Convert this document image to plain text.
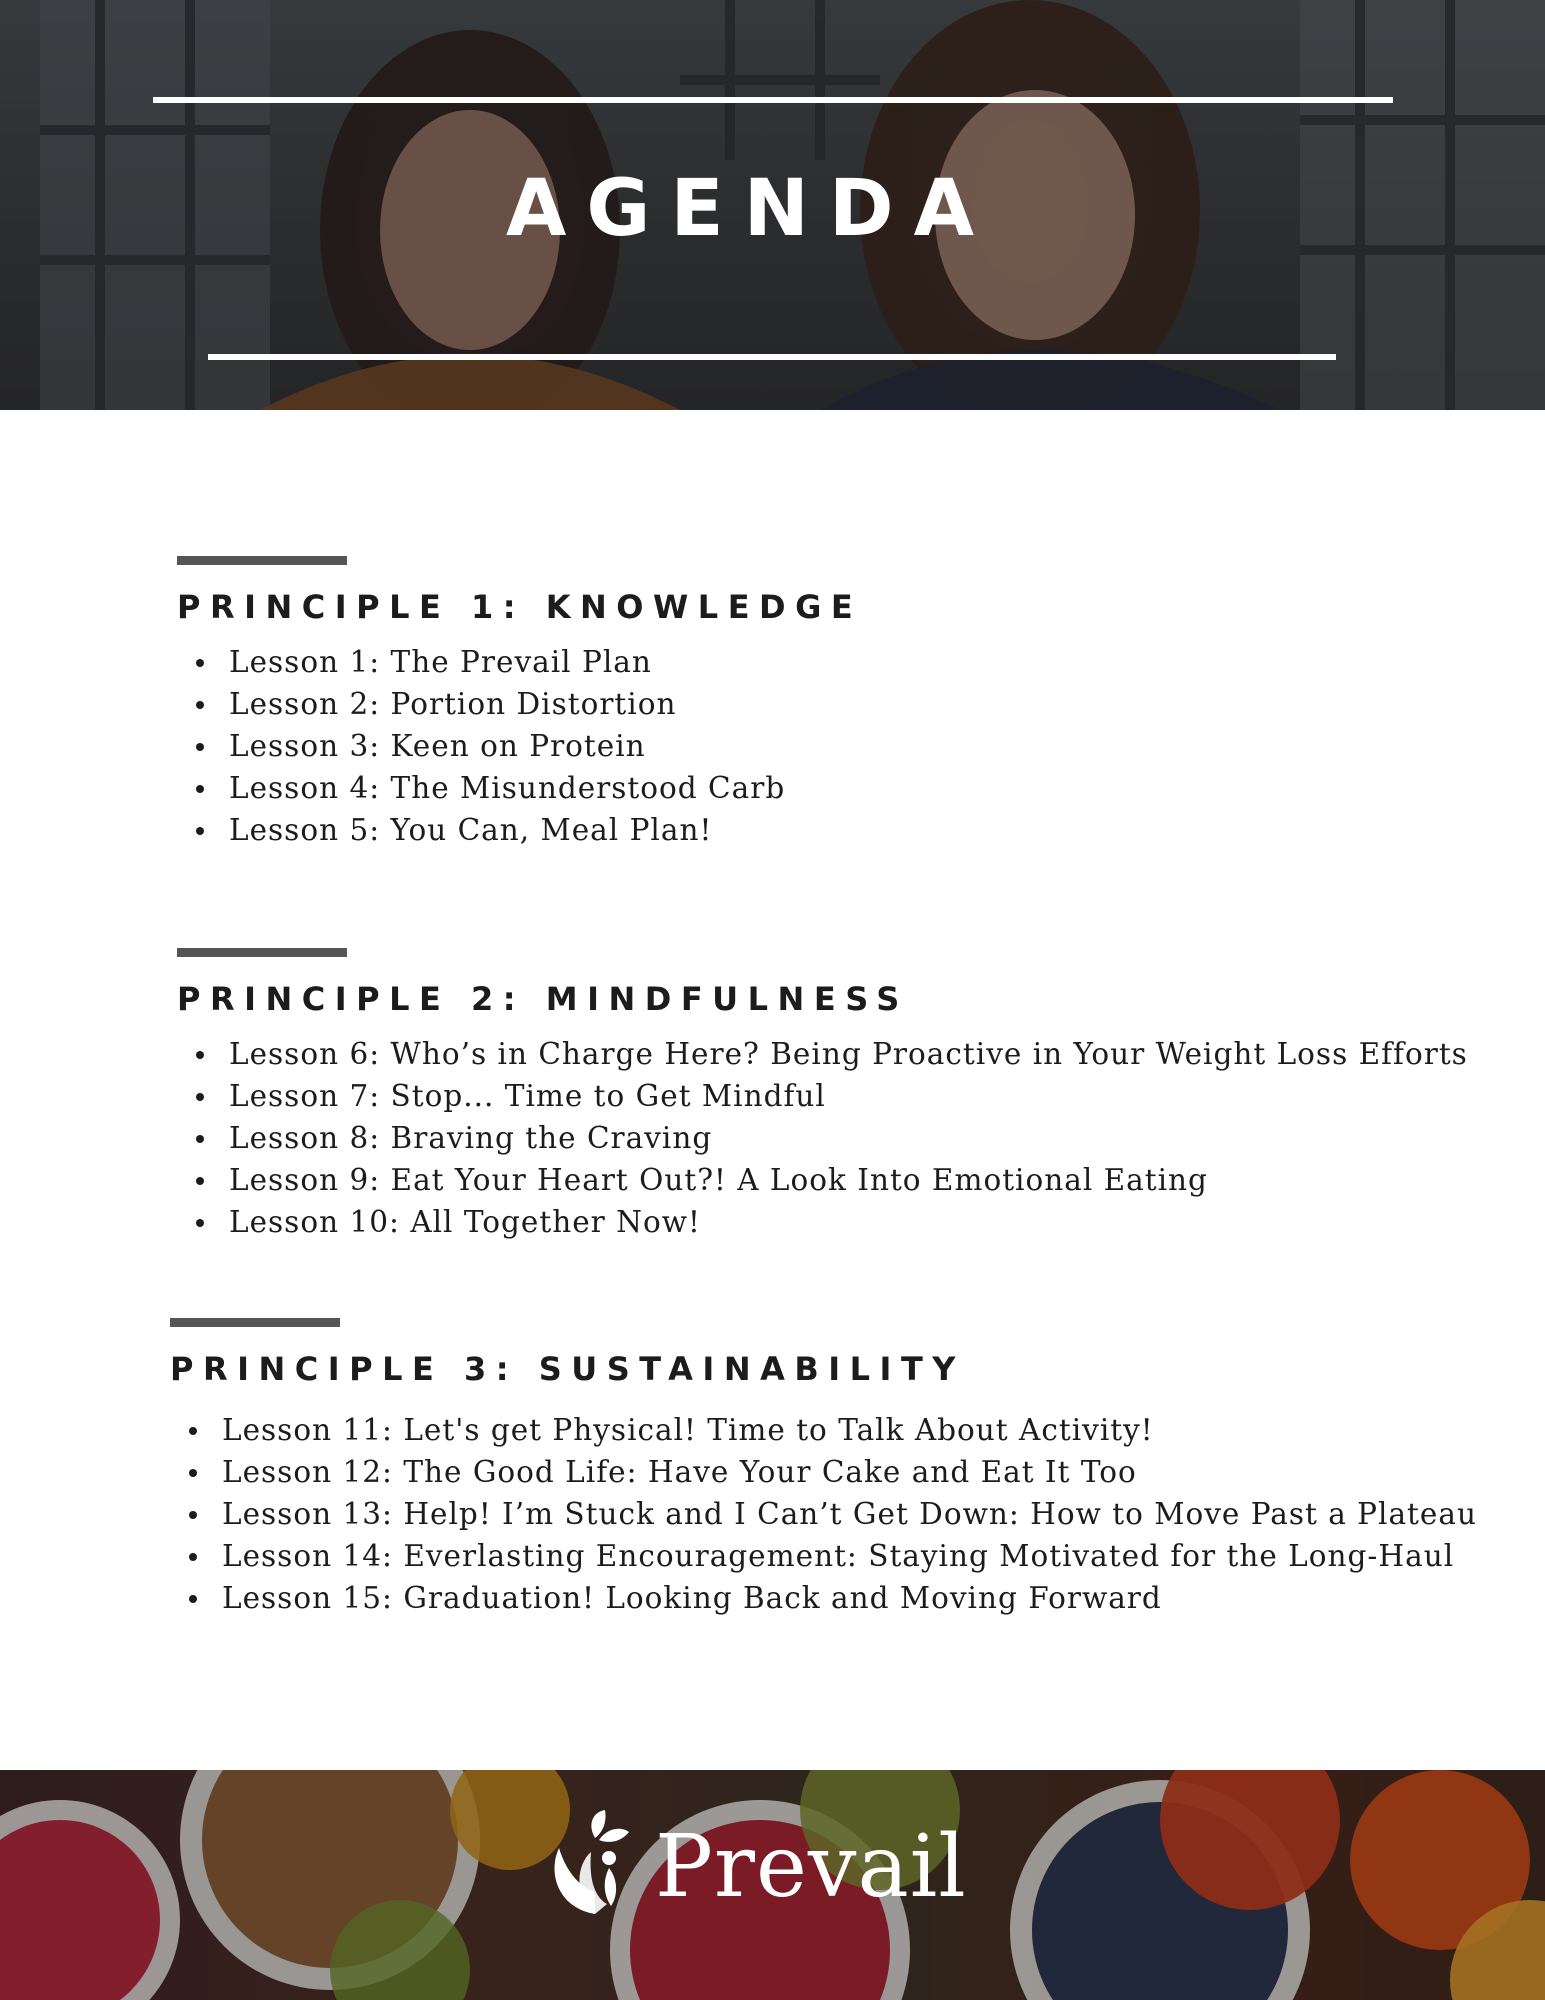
AGENDA
PRINCIPLE 1: KNOWLEDGE
Lesson 1: The Prevail Plan
Lesson 2: Portion Distortion
Lesson 3: Keen on Protein
Lesson 4: The Misunderstood Carb
Lesson 5: You Can, Meal Plan!
PRINCIPLE 2: MINDFULNESS
Lesson 6: Who’s in Charge Here? Being Proactive in Your Weight Loss Efforts
Lesson 7: Stop... Time to Get Mindful
Lesson 8: Braving the Craving
Lesson 9: Eat Your Heart Out?! A Look Into Emotional Eating
Lesson 10: All Together Now!
PRINCIPLE 3: SUSTAINABILITY
Lesson 11: Let's get Physical! Time to Talk About Activity!
Lesson 12: The Good Life: Have Your Cake and Eat It Too
Lesson 13: Help! I’m Stuck and I Can’t Get Down: How to Move Past a Plateau
Lesson 14: Everlasting Encouragement: Staying Motivated for the Long-Haul
Lesson 15: Graduation! Looking Back and Moving Forward
Prevail
